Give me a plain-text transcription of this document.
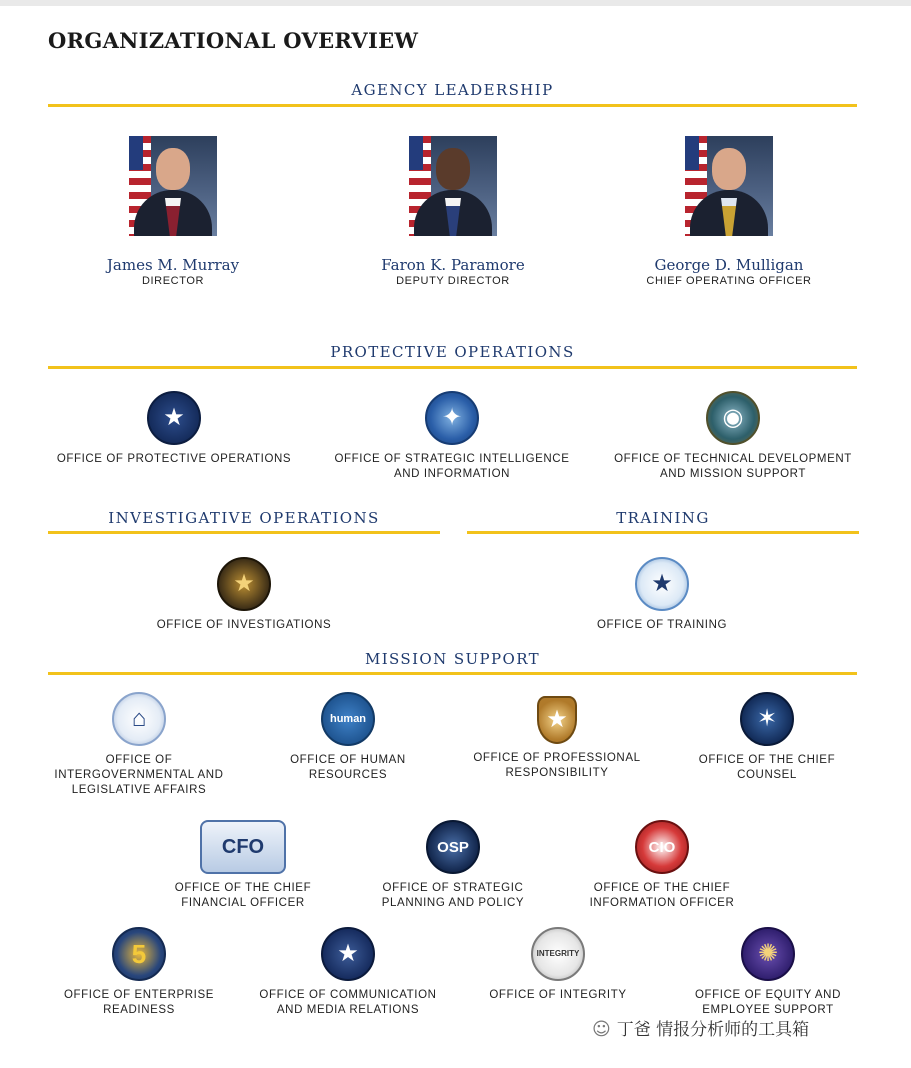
ORGANIZATIONAL OVERVIEW
AGENCY LEADERSHIP
James M. Murray
DIRECTOR
Faron K. Paramore
DEPUTY DIRECTOR
George D. Mulligan
CHIEF OPERATING OFFICER
PROTECTIVE OPERATIONS
★
OFFICE OF PROTECTIVE OPERATIONS
✦
OFFICE OF STRATEGIC INTELLIGENCE
AND INFORMATION
◉
OFFICE OF TECHNICAL DEVELOPMENT
AND MISSION SUPPORT
INVESTIGATIVE OPERATIONS	TRAINING
★
OFFICE OF INVESTIGATIONS
★
OFFICE OF TRAINING
MISSION SUPPORT
⌂
OFFICE OF
INTERGOVERNMENTAL AND
LEGISLATIVE AFFAIRS
human
OFFICE OF HUMAN
RESOURCES
★
OFFICE OF PROFESSIONAL
RESPONSIBILITY
✶
OFFICE OF THE CHIEF
COUNSEL
CFO
OFFICE OF THE CHIEF
FINANCIAL OFFICER
OSP
OFFICE OF STRATEGIC
PLANNING AND POLICY
CIO
OFFICE OF THE CHIEF
INFORMATION OFFICER
5
OFFICE OF ENTERPRISE
READINESS
★
OFFICE OF COMMUNICATION
AND MEDIA RELATIONS
INTEGRITY
OFFICE OF INTEGRITY
✺
OFFICE OF EQUITY AND
EMPLOYEE SUPPORT
☺ 丁爸 情报分析师的工具箱
